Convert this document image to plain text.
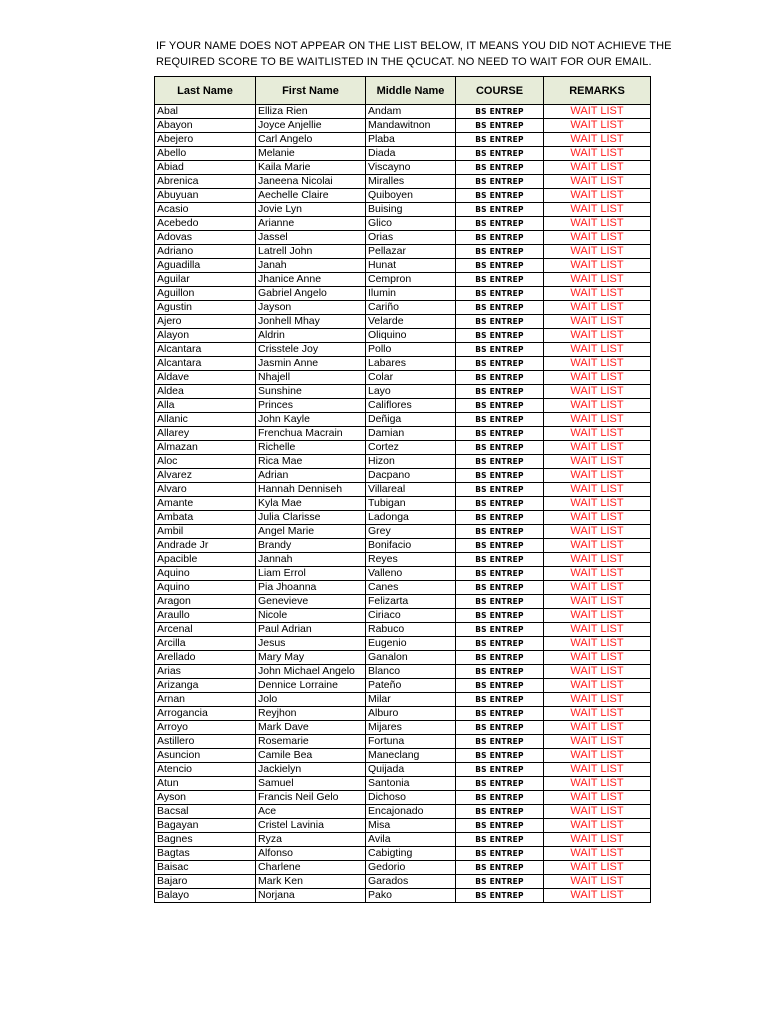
IF YOUR NAME DOES NOT APPEAR ON THE LIST BELOW, IT MEANS YOU DID NOT ACHIEVE THE
REQUIRED SCORE TO BE WAITLISTED IN THE QCUCAT. NO NEED TO WAIT FOR OUR EMAIL.
Last Name	First Name	Middle Name	COURSE	REMARKS
Abal	Elliza Rien	Andam	BS ENTREP	WAIT LIST
Abayon	Joyce Anjellie	Mandawitnon	BS ENTREP	WAIT LIST
Abejero	Carl Angelo	Plaba	BS ENTREP	WAIT LIST
Abello	Melanie	Diada	BS ENTREP	WAIT LIST
Abiad	Kaila Marie	Viscayno	BS ENTREP	WAIT LIST
Abrenica	Janeena Nicolai	Miralles	BS ENTREP	WAIT LIST
Abuyuan	Aechelle Claire	Quiboyen	BS ENTREP	WAIT LIST
Acasio	Jovie Lyn	Buising	BS ENTREP	WAIT LIST
Acebedo	Arianne	Glico	BS ENTREP	WAIT LIST
Adovas	Jassel	Orias	BS ENTREP	WAIT LIST
Adriano	Latrell John	Pellazar	BS ENTREP	WAIT LIST
Aguadilla	Janah	Hunat	BS ENTREP	WAIT LIST
Aguilar	Jhanice Anne	Cempron	BS ENTREP	WAIT LIST
Aguillon	Gabriel Angelo	Ilumin	BS ENTREP	WAIT LIST
Agustin	Jayson	Cariño	BS ENTREP	WAIT LIST
Ajero	Jonhell Mhay	Velarde	BS ENTREP	WAIT LIST
Alayon	Aldrin	Oliquino	BS ENTREP	WAIT LIST
Alcantara	Crisstele Joy	Pollo	BS ENTREP	WAIT LIST
Alcantara	Jasmin Anne	Labares	BS ENTREP	WAIT LIST
Aldave	Nhajell	Colar	BS ENTREP	WAIT LIST
Aldea	Sunshine	Layo	BS ENTREP	WAIT LIST
Alla	Princes	Califlores	BS ENTREP	WAIT LIST
Allanic	John Kayle	Deñiga	BS ENTREP	WAIT LIST
Allarey	Frenchua Macrain	Damian	BS ENTREP	WAIT LIST
Almazan	Richelle	Cortez	BS ENTREP	WAIT LIST
Aloc	Rica Mae	Hizon	BS ENTREP	WAIT LIST
Alvarez	Adrian	Dacpano	BS ENTREP	WAIT LIST
Alvaro	Hannah Denniseh	Villareal	BS ENTREP	WAIT LIST
Amante	Kyla Mae	Tubigan	BS ENTREP	WAIT LIST
Ambata	Julia Clarisse	Ladonga	BS ENTREP	WAIT LIST
Ambil	Angel Marie	Grey	BS ENTREP	WAIT LIST
Andrade Jr	Brandy	Bonifacio	BS ENTREP	WAIT LIST
Apacible	Jannah	Reyes	BS ENTREP	WAIT LIST
Aquino	Liam Errol	Valleno	BS ENTREP	WAIT LIST
Aquino	Pia Jhoanna	Canes	BS ENTREP	WAIT LIST
Aragon	Genevieve	Felizarta	BS ENTREP	WAIT LIST
Araullo	Nicole	Ciriaco	BS ENTREP	WAIT LIST
Arcenal	Paul Adrian	Rabuco	BS ENTREP	WAIT LIST
Arcilla	Jesus	Eugenio	BS ENTREP	WAIT LIST
Arellado	Mary May	Ganalon	BS ENTREP	WAIT LIST
Arias	John Michael Angelo	Blanco	BS ENTREP	WAIT LIST
Arizanga	Dennice Lorraine	Pateño	BS ENTREP	WAIT LIST
Arnan	Jolo	Milar	BS ENTREP	WAIT LIST
Arrogancia	Reyjhon	Alburo	BS ENTREP	WAIT LIST
Arroyo	Mark Dave	Mijares	BS ENTREP	WAIT LIST
Astillero	Rosemarie	Fortuna	BS ENTREP	WAIT LIST
Asuncion	Camile Bea	Maneclang	BS ENTREP	WAIT LIST
Atencio	Jackielyn	Quijada	BS ENTREP	WAIT LIST
Atun	Samuel	Santonia	BS ENTREP	WAIT LIST
Ayson	Francis Neil Gelo	Dichoso	BS ENTREP	WAIT LIST
Bacsal	Ace	Encajonado	BS ENTREP	WAIT LIST
Bagayan	Cristel Lavinia	Misa	BS ENTREP	WAIT LIST
Bagnes	Ryza	Avila	BS ENTREP	WAIT LIST
Bagtas	Alfonso	Cabigting	BS ENTREP	WAIT LIST
Baisac	Charlene	Gedorio	BS ENTREP	WAIT LIST
Bajaro	Mark Ken	Garados	BS ENTREP	WAIT LIST
Balayo	Norjana	Pako	BS ENTREP	WAIT LIST
